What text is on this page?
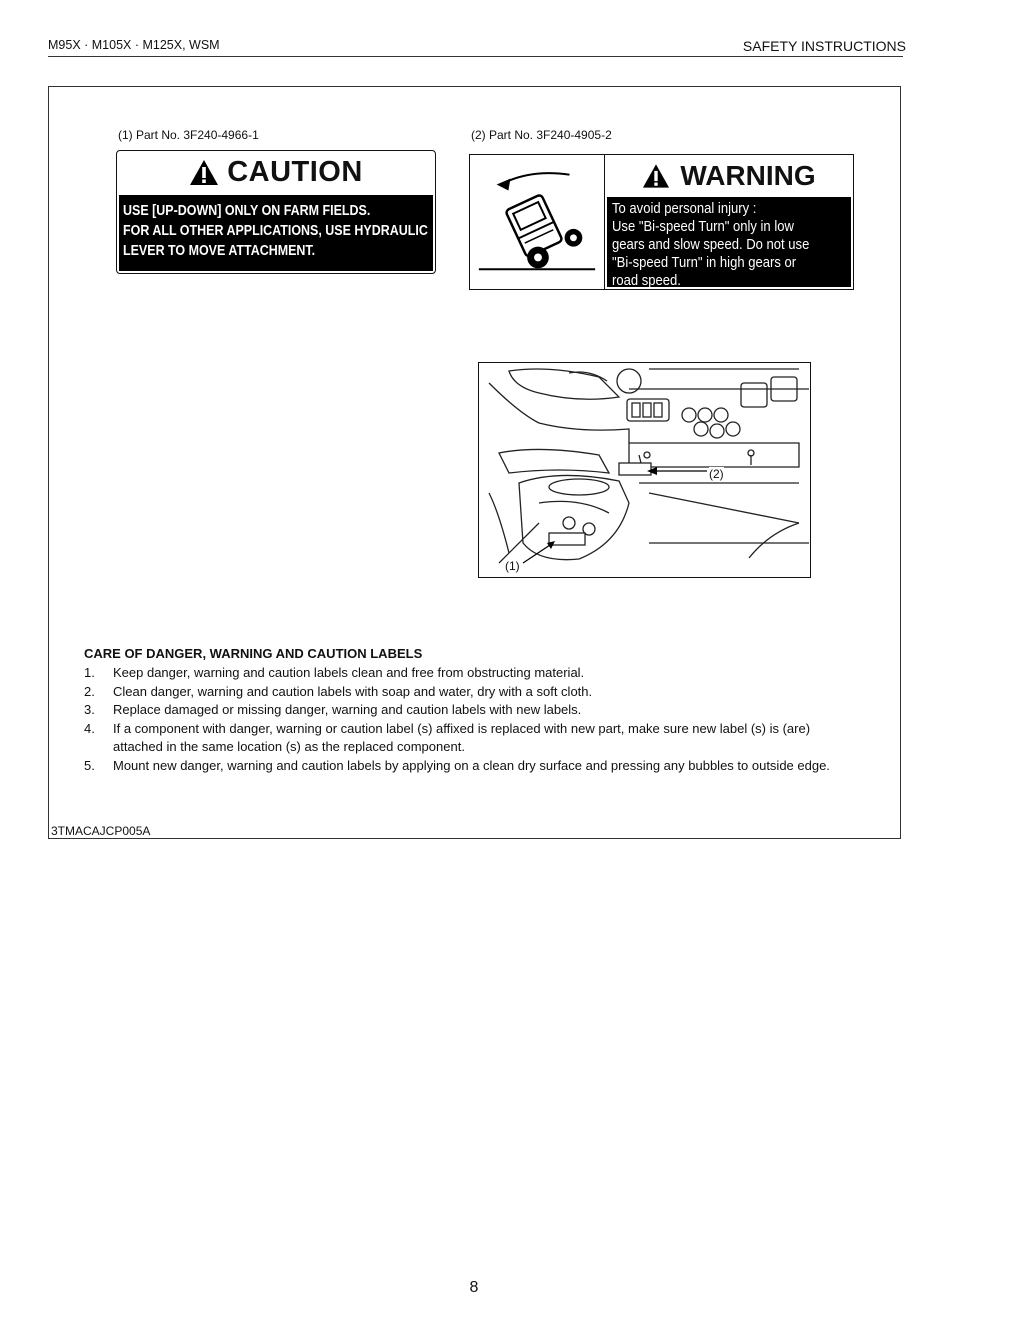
M95X · M105X · M125X, WSM	SAFETY INSTRUCTIONS
(1) Part No. 3F240-4966-1
CAUTION
USE [UP-DOWN] ONLY ON FARM FIELDS.
FOR ALL OTHER APPLICATIONS, USE HYDRAULIC
LEVER TO MOVE ATTACHMENT.
(2) Part No. 3F240-4905-2
WARNING
To avoid personal injury :
Use "Bi-speed Turn" only in low
gears and slow speed. Do not use
"Bi-speed Turn" in high gears or
road speed.
(2)
(1)
CARE OF DANGER, WARNING AND CAUTION LABELS
1.	Keep danger, warning and caution labels clean and free from obstructing material.
2.	Clean danger, warning and caution labels with soap and water, dry with a soft cloth.
3.	Replace damaged or missing danger, warning and caution labels with new labels.
4.	If a component with danger, warning or caution label (s) affixed is replaced with new part, make sure new label (s) is (are) attached in the same location (s) as the replaced component.
5.	Mount new danger, warning and caution labels by applying on a clean dry surface and pressing any bubbles to outside edge.
3TMACAJCP005A
8
